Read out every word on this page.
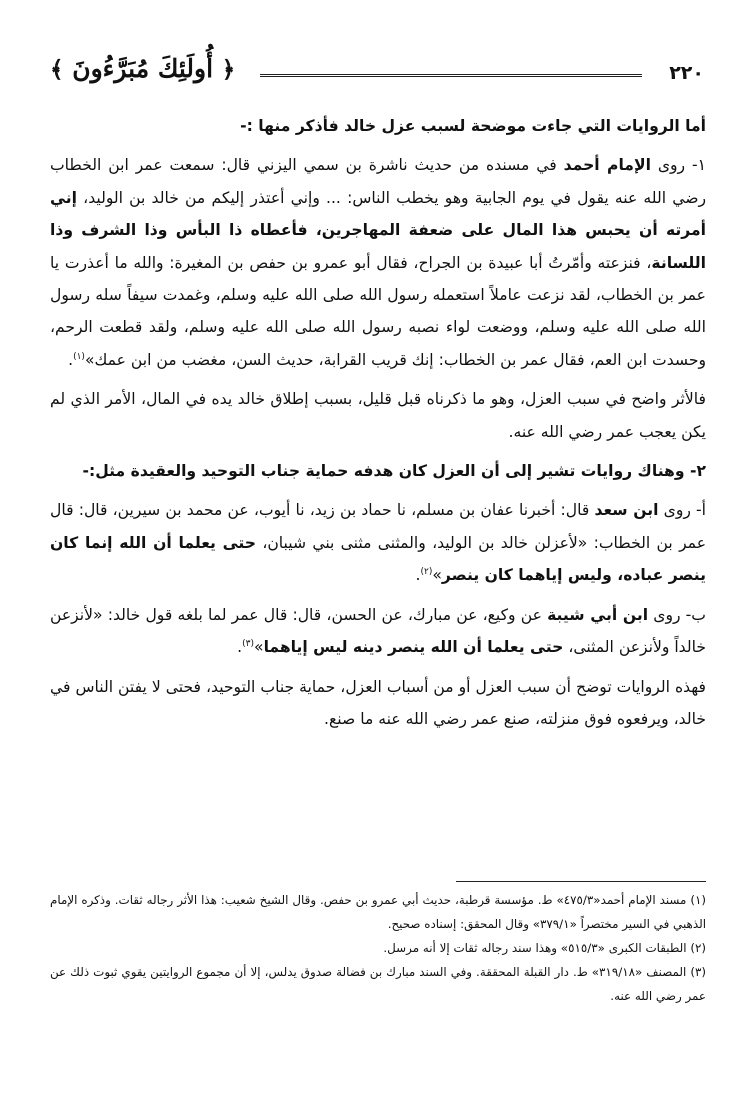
٢٢٠
﴿ أُولَئِكَ مُبَرَّءُونَ ﴾

أما الروايات التي جاءت موضحة لسبب عزل خالد فأذكر منها :-

١- روى الإمام أحمد في مسنده من حديث ناشرة بن سمي اليزني قال: سمعت عمر ابن الخطاب رضي الله عنه يقول في يوم الجابية وهو يخطب الناس: ... وإني أعتذر إليكم من خالد بن الوليد، إني أمرته أن يحبس هذا المال على ضعفة المهاجرين، فأعطاه ذا البأس وذا الشرف وذا اللسانة، فنزعته وأمّرتُ أبا عبيدة بن الجراح، فقال أبو عمرو بن حفص بن المغيرة: والله ما أعذرت يا عمر بن الخطاب، لقد نزعت عاملاً استعمله رسول الله صلى الله عليه وسلم، وغمدت سيفاً سله رسول الله صلى الله عليه وسلم، ووضعت لواء نصبه رسول الله صلى الله عليه وسلم، ولقد قطعت الرحم، وحسدت ابن العم، فقال عمر بن الخطاب: إنك قريب القرابة، حديث السن، مغضب من ابن عمك»$^{(١)}$.

فالأثر واضح في سبب العزل، وهو ما ذكرناه قبل قليل، بسبب إطلاق خالد يده في المال، الأمر الذي لم يكن يعجب عمر رضي الله عنه.

٢- وهناك روايات تشير إلى أن العزل كان هدفه حماية جناب التوحيد والعقيدة مثل:-

أ- روى ابن سعد قال: أخبرنا عفان بن مسلم، نا حماد بن زيد، نا أيوب، عن محمد بن سيرين، قال: قال عمر بن الخطاب: «لأعزلن خالد بن الوليد، والمثنى مثنى بني شيبان، حتى يعلما أن الله إنما كان ينصر عباده، وليس إياهما كان ينصر»$^{(٢)}$.

ب- روى ابن أبي شيبة عن وكيع، عن مبارك، عن الحسن، قال: قال عمر لما بلغه قول خالد: «لأنزعن خالداً ولأنزعن المثنى، حتى يعلما أن الله ينصر دينه ليس إياهما»$^{(٣)}$.

فهذه الروايات توضح أن سبب العزل أو من أسباب العزل، حماية جناب التوحيد، فحتى لا يفتن الناس في خالد، ويرفعوه فوق منزلته، صنع عمر رضي الله عنه ما صنع.

(١) مسند الإمام أحمد«٤٧٥/٣» ط. مؤسسة قرطبة، حديث أبي عمرو بن حفص. وقال الشيخ شعيب: هذا الأثر رجاله ثقات. وذكره الإمام الذهبي في السير مختصراً «٣٧٩/١» وقال المحقق: إسناده صحيح.

(٢) الطبقات الكبرى «٥١٥/٣» وهذا سند رجاله ثقات إلا أنه مرسل.

(٣) المصنف «٣١٩/١٨» ط. دار القبلة المحققة. وفي السند مبارك بن فضالة صدوق يدلس، إلا أن مجموع الروايتين يقوي ثبوت ذلك عن عمر رضي الله عنه.
